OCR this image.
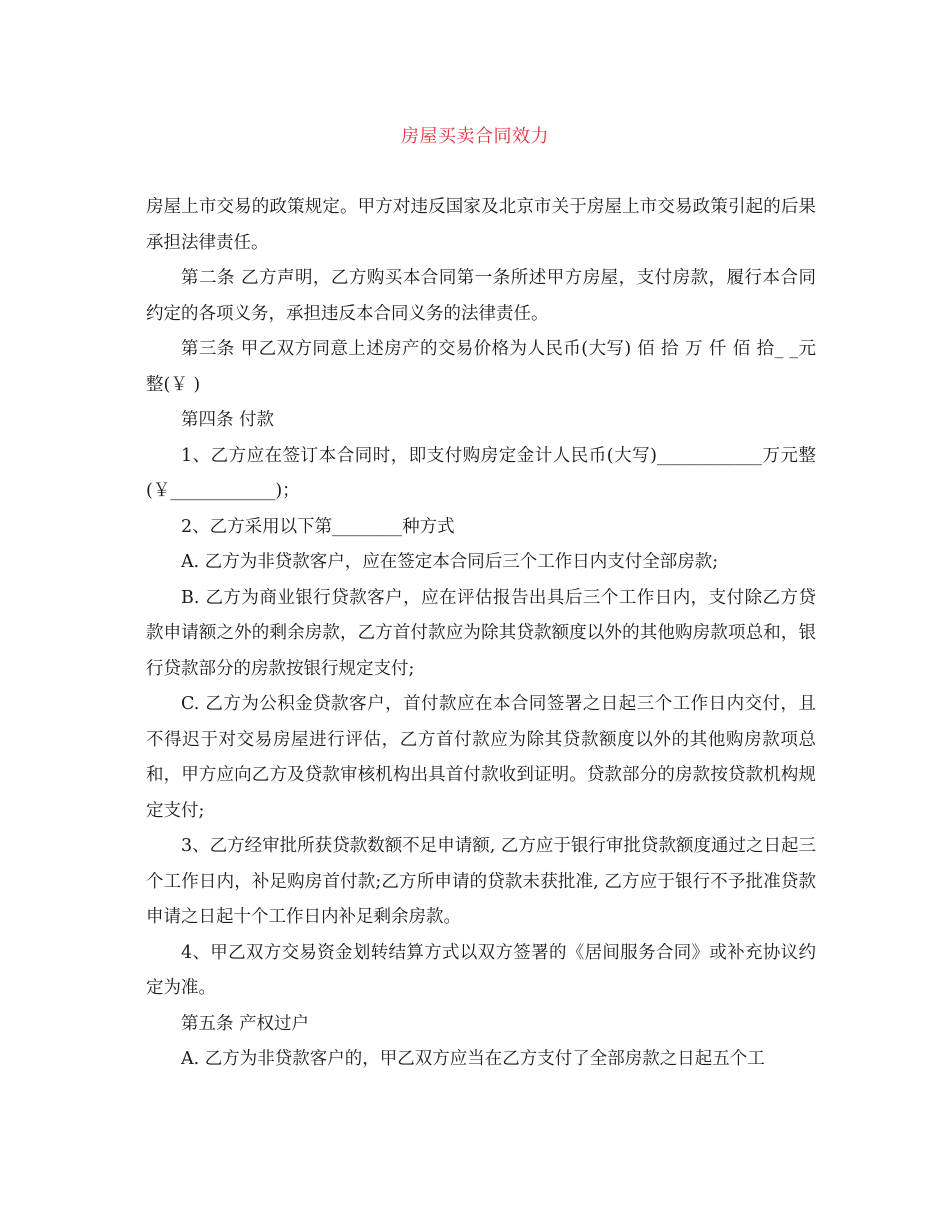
房屋买卖合同效力

房屋上市交易的政策规定。甲方对违反国家及北京市关于房屋上市交易政策引起的后果承担法律责任。

第二条 乙方声明，乙方购买本合同第一条所述甲方房屋，支付房款，履行本合同约定的各项义务，承担违反本合同义务的法律责任。

第三条 甲乙双方同意上述房产的交易价格为人民币(大写) 佰 拾 万 仟 佰 拾_ _元整(￥ )

第四条 付款

1、乙方应在签订本合同时，即支付购房定金计人民币(大写)____________万元整(￥____________)；

2、乙方采用以下第________种方式

A. 乙方为非贷款客户，应在签定本合同后三个工作日内支付全部房款;

B. 乙方为商业银行贷款客户，应在评估报告出具后三个工作日内，支付除乙方贷款申请额之外的剩余房款，乙方首付款应为除其贷款额度以外的其他购房款项总和，银行贷款部分的房款按银行规定支付;

C. 乙方为公积金贷款客户，首付款应在本合同签署之日起三个工作日内交付，且不得迟于对交易房屋进行评估，乙方首付款应为除其贷款额度以外的其他购房款项总和，甲方应向乙方及贷款审核机构出具首付款收到证明。贷款部分的房款按贷款机构规定支付;

3、乙方经审批所获贷款数额不足申请额, 乙方应于银行审批贷款额度通过之日起三个工作日内，补足购房首付款;乙方所申请的贷款未获批准, 乙方应于银行不予批准贷款申请之日起十个工作日内补足剩余房款。

4、甲乙双方交易资金划转结算方式以双方签署的《居间服务合同》或补充协议约定为准。

第五条 产权过户

A. 乙方为非贷款客户的，甲乙双方应当在乙方支付了全部房款之日起五个工
